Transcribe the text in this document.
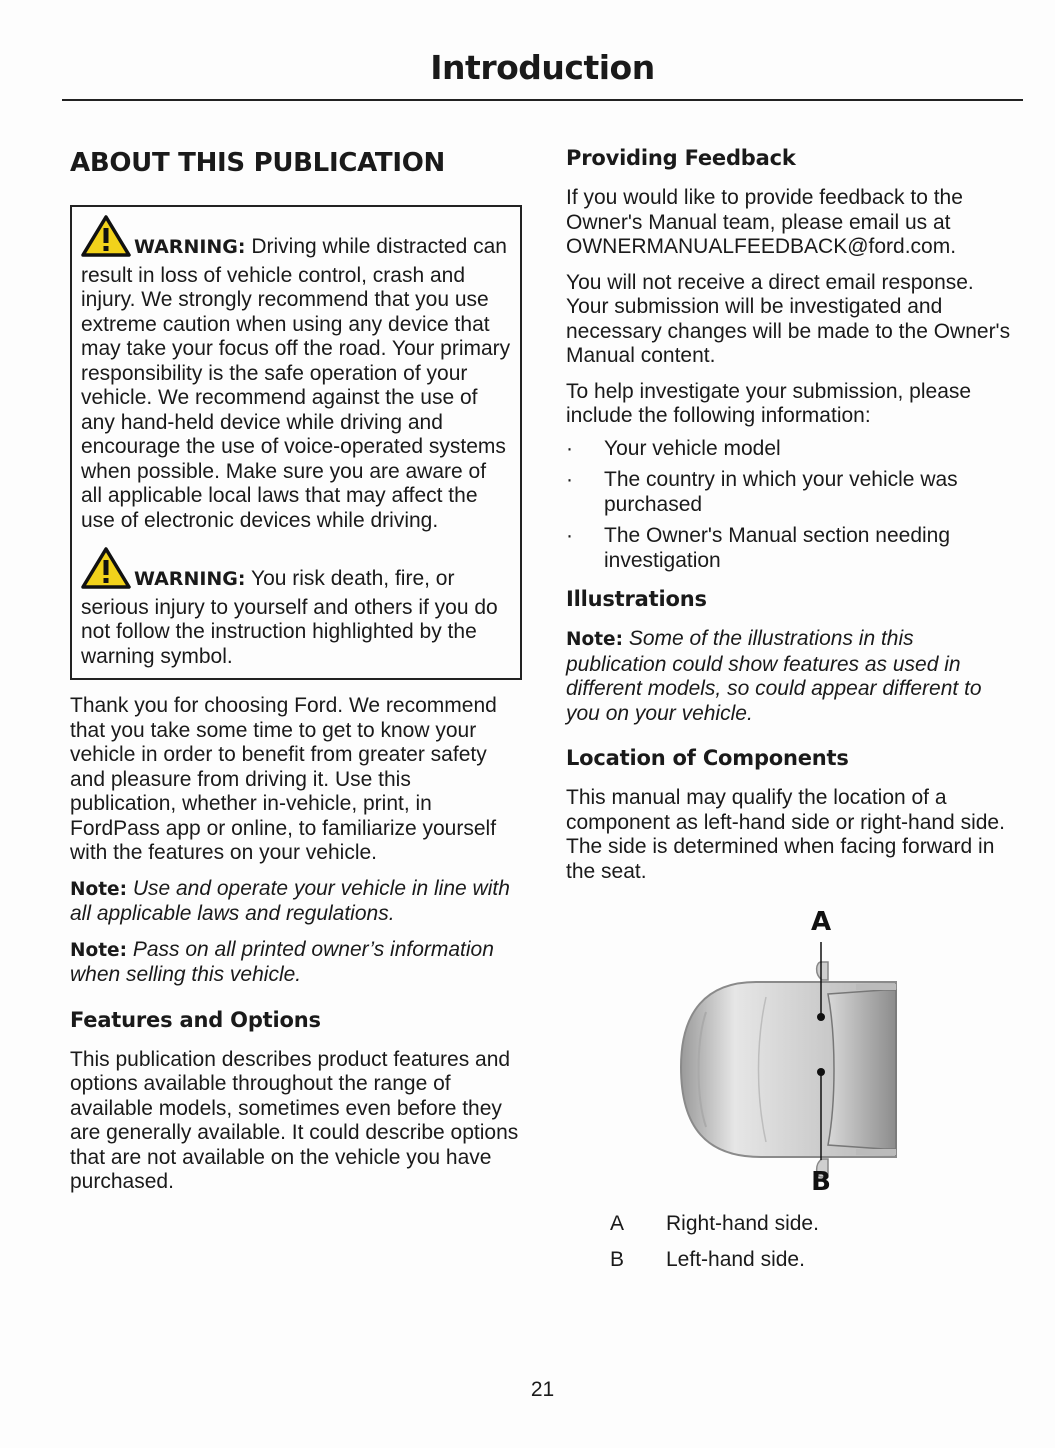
Introduction
ABOUT THIS PUBLICATION

WARNING: Driving while distracted can result in loss of vehicle control, crash and injury. We strongly recommend that you use extreme caution when using any device that may take your focus off the road. Your primary responsibility is the safe operation of your vehicle. We recommend against the use of any hand-held device while driving and encourage the use of voice-operated systems when possible. Make sure you are aware of all applicable local laws that may affect the use of electronic devices while driving.

WARNING: You risk death, fire, or serious injury to yourself and others if you do not follow the instruction highlighted by the warning symbol.

Thank you for choosing Ford. We recommend that you take some time to get to know your vehicle in order to benefit from greater safety and pleasure from driving it. Use this publication, whether in-vehicle, print, in FordPass app or online, to familiarize yourself with the features on your vehicle.

Note: Use and operate your vehicle in line with all applicable laws and regulations.

Note: Pass on all printed owner’s information when selling this vehicle.

Features and Options

This publication describes product features and options available throughout the range of available models, sometimes even before they are generally available. It could describe options that are not available on the vehicle you have purchased.

Providing Feedback

If you would like to provide feedback to the Owner's Manual team, please email us at OWNERMANUALFEEDBACK@ford.com.

You will not receive a direct email response. Your submission will be investigated and necessary changes will be made to the Owner's Manual content.

To help investigate your submission, please include the following information:

· Your vehicle model
· The country in which your vehicle was purchased
· The Owner's Manual section needing investigation
Illustrations

Note: Some of the illustrations in this publication could show features as used in different models, so could appear different to you on your vehicle.

Location of Components

This manual may qualify the location of a component as left-hand side or right-hand side. The side is determined when facing forward in the seat.

A
B
A	Right-hand side.
B	Left-hand side.
21
